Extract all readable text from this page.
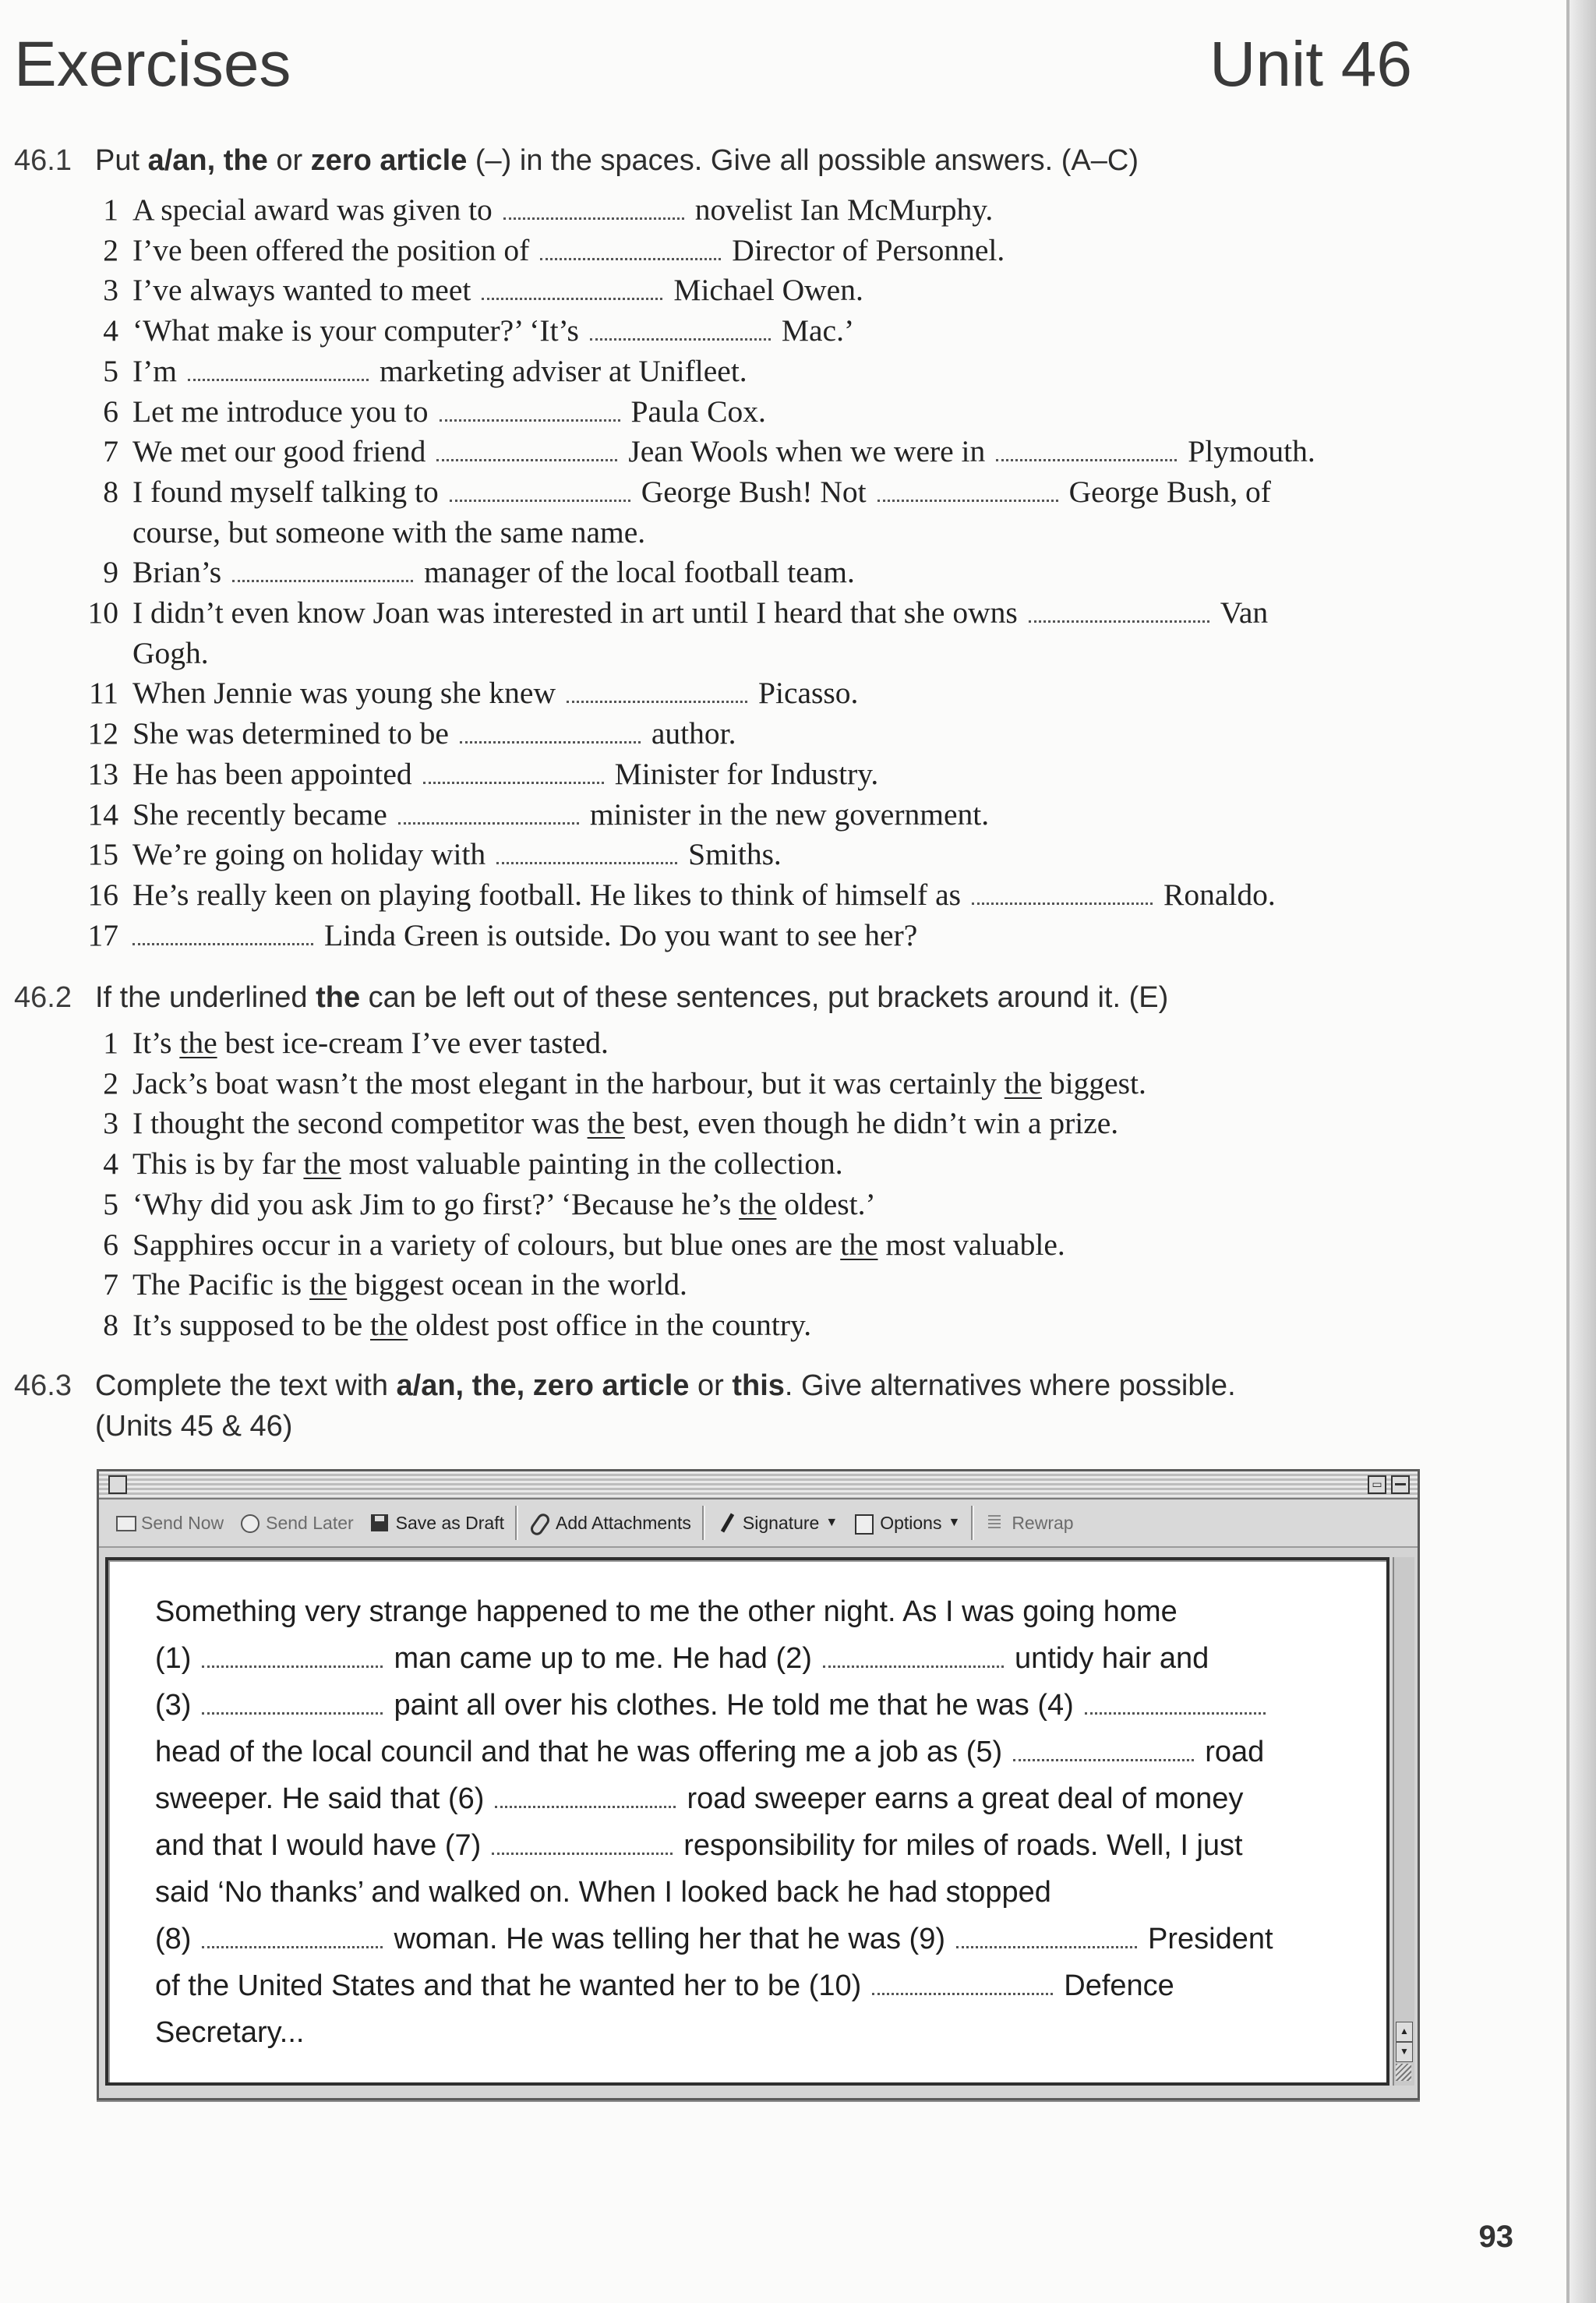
Exercises	Unit 46
46.1 Put a/an, the or zero article (–) in the spaces. Give all possible answers. (A–C)
1 A special award was given to	novelist Ian McMurphy.
2 I’ve been offered the position of	Director of Personnel.
3 I’ve always wanted to meet	Michael Owen.
4 ‘What make is your computer?’ ‘It’s	Mac.’
5 I’m	marketing adviser at Unifleet.
6 Let me introduce you to	Paula Cox.
7 We met our good friend	Jean Wools when we were in	Plymouth.
8 I found myself talking to	George Bush! Not	George Bush, of
course, but someone with the same name.
9 Brian’s	manager of the local football team.
10 I didn’t even know Joan was interested in art until I heard that she owns	Van
Gogh.
11 When Jennie was young she knew	Picasso.
12 She was determined to be	author.
13 He has been appointed	Minister for Industry.
14 She recently became	minister in the new government.
15 We’re going on holiday with	Smiths.
16 He’s really keen on playing football. He likes to think of himself as	Ronaldo.
17	Linda Green is outside. Do you want to see her?
46.2 If the underlined the can be left out of these sentences, put brackets around it. (E)
1 It’s the best ice-cream I’ve ever tasted.
2 Jack’s boat wasn’t the most elegant in the harbour, but it was certainly the biggest.
3 I thought the second competitor was the best, even though he didn’t win a prize.
4 This is by far the most valuable painting in the collection.
5 ‘Why did you ask Jim to go first?’ ‘Because he’s the oldest.’
6 Sapphires occur in a variety of colours, but blue ones are the most valuable.
7 The Pacific is the biggest ocean in the world.
8 It’s supposed to be the oldest post office in the country.
46.3 Complete the text with a/an, the, zero article or this. Give alternatives where possible.
(Units 45 & 46)
▭
Send Now Send Later Save as Draft	Add Attachments	Signature ▼ Options ▼	Rewrap
Something very strange happened to me the other night. As I was going home
(1)	man came up to me. He had (2)	untidy hair and
(3)	paint all over his clothes. He told me that he was (4)
head of the local council and that he was offering me a job as (5)	road
sweeper. He said that (6)	road sweeper earns a great deal of money
and that I would have (7)	responsibility for miles of roads. Well, I just
said ‘No thanks’ and walked on. When I looked back he had stopped
(8)	woman. He was telling her that he was (9)	President
of the United States and that he wanted her to be (10)	Defence
Secretary...	▲
▼
93
